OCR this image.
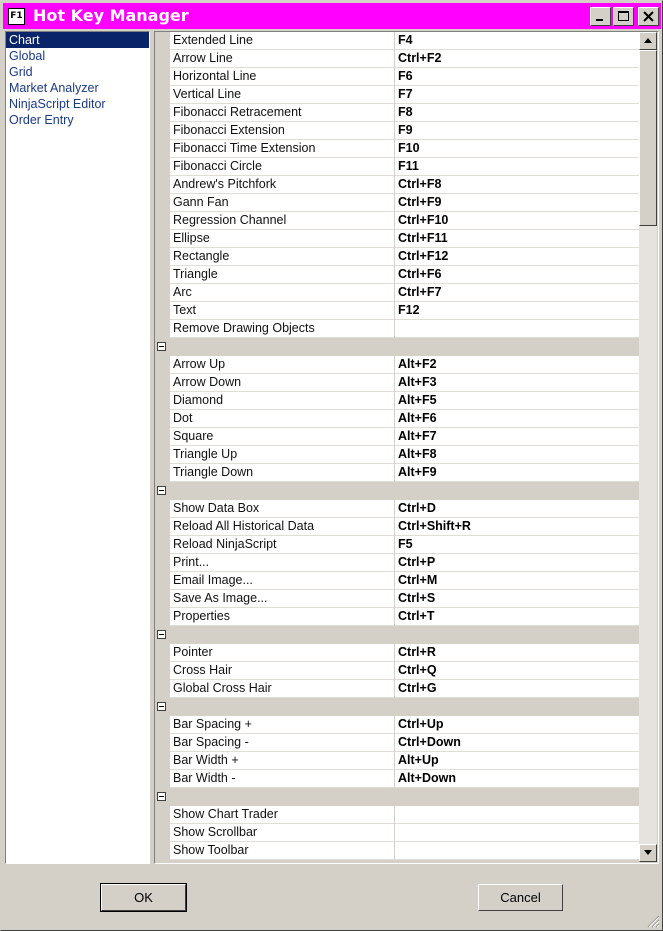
F1 Hot Key Manager
Chart
Global
Grid
Market Analyzer
NinjaScript Editor
Order Entry
Extended Line	F4
Arrow Line	Ctrl+F2
Horizontal Line	F6
Vertical Line	F7
Fibonacci Retracement	F8
Fibonacci Extension	F9
Fibonacci Time Extension	F10
Fibonacci Circle	F11
Andrew's Pitchfork	Ctrl+F8
Gann Fan	Ctrl+F9
Regression Channel	Ctrl+F10
Ellipse	Ctrl+F11
Rectangle	Ctrl+F12
Triangle	Ctrl+F6
Arc	Ctrl+F7
Text	F12
Remove Drawing Objects
Arrow Up	Alt+F2
Arrow Down	Alt+F3
Diamond	Alt+F5
Dot	Alt+F6
Square	Alt+F7
Triangle Up	Alt+F8
Triangle Down	Alt+F9
Show Data Box	Ctrl+D
Reload All Historical Data	Ctrl+Shift+R
Reload NinjaScript	F5
Print...	Ctrl+P
Email Image...	Ctrl+M
Save As Image...	Ctrl+S
Properties	Ctrl+T
Pointer	Ctrl+R
Cross Hair	Ctrl+Q
Global Cross Hair	Ctrl+G
Bar Spacing +	Ctrl+Up
Bar Spacing -	Ctrl+Down
Bar Width +	Alt+Up
Bar Width -	Alt+Down
Show Chart Trader
Show Scrollbar
Show Toolbar
OK	Cancel
